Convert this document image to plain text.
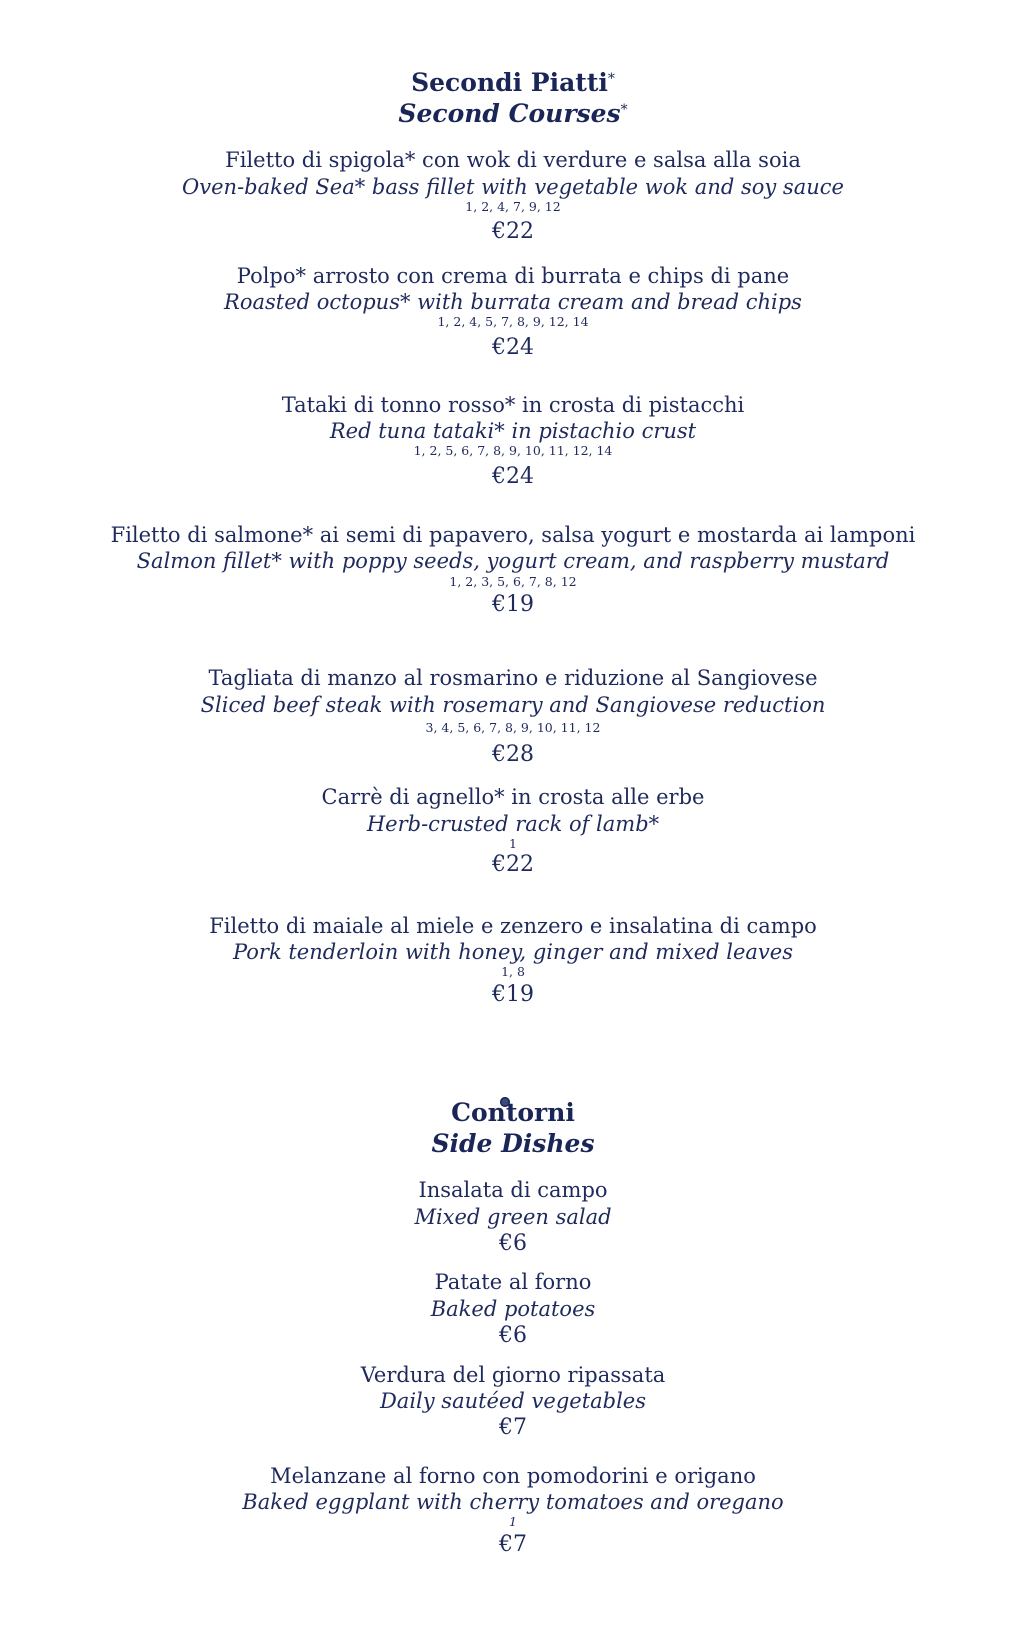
Secondi Piatti*
Second Courses*
Filetto di spigola* con wok di verdure e salsa alla soia
Oven-baked Sea* bass fillet with vegetable wok and soy sauce
1, 2, 4, 7, 9, 12
€22
Polpo* arrosto con crema di burrata e chips di pane
Roasted octopus* with burrata cream and bread chips
1, 2, 4, 5, 7, 8, 9, 12, 14
€24
Tataki di tonno rosso* in crosta di pistacchi
Red tuna tataki* in pistachio crust
1, 2, 5, 6, 7, 8, 9, 10, 11, 12, 14
€24
Filetto di salmone* ai semi di papavero, salsa yogurt e mostarda ai lamponi
Salmon fillet* with poppy seeds, yogurt cream, and raspberry mustard
1, 2, 3, 5, 6, 7, 8, 12
€19
Tagliata di manzo al rosmarino e riduzione al Sangiovese
Sliced beef steak with rosemary and Sangiovese reduction
3, 4, 5, 6, 7, 8, 9, 10, 11, 12
€28
Carrè di agnello* in crosta alle erbe
Herb-crusted rack of lamb*
1
€22
Filetto di maiale al miele e zenzero e insalatina di campo
Pork tenderloin with honey, ginger and mixed leaves
1, 8
€19
Contorni
Side Dishes
Insalata di campo
Mixed green salad
€6
Patate al forno
Baked potatoes
€6
Verdura del giorno ripassata
Daily sautéed vegetables
€7
Melanzane al forno con pomodorini e origano
Baked eggplant with cherry tomatoes and oregano
1
€7
